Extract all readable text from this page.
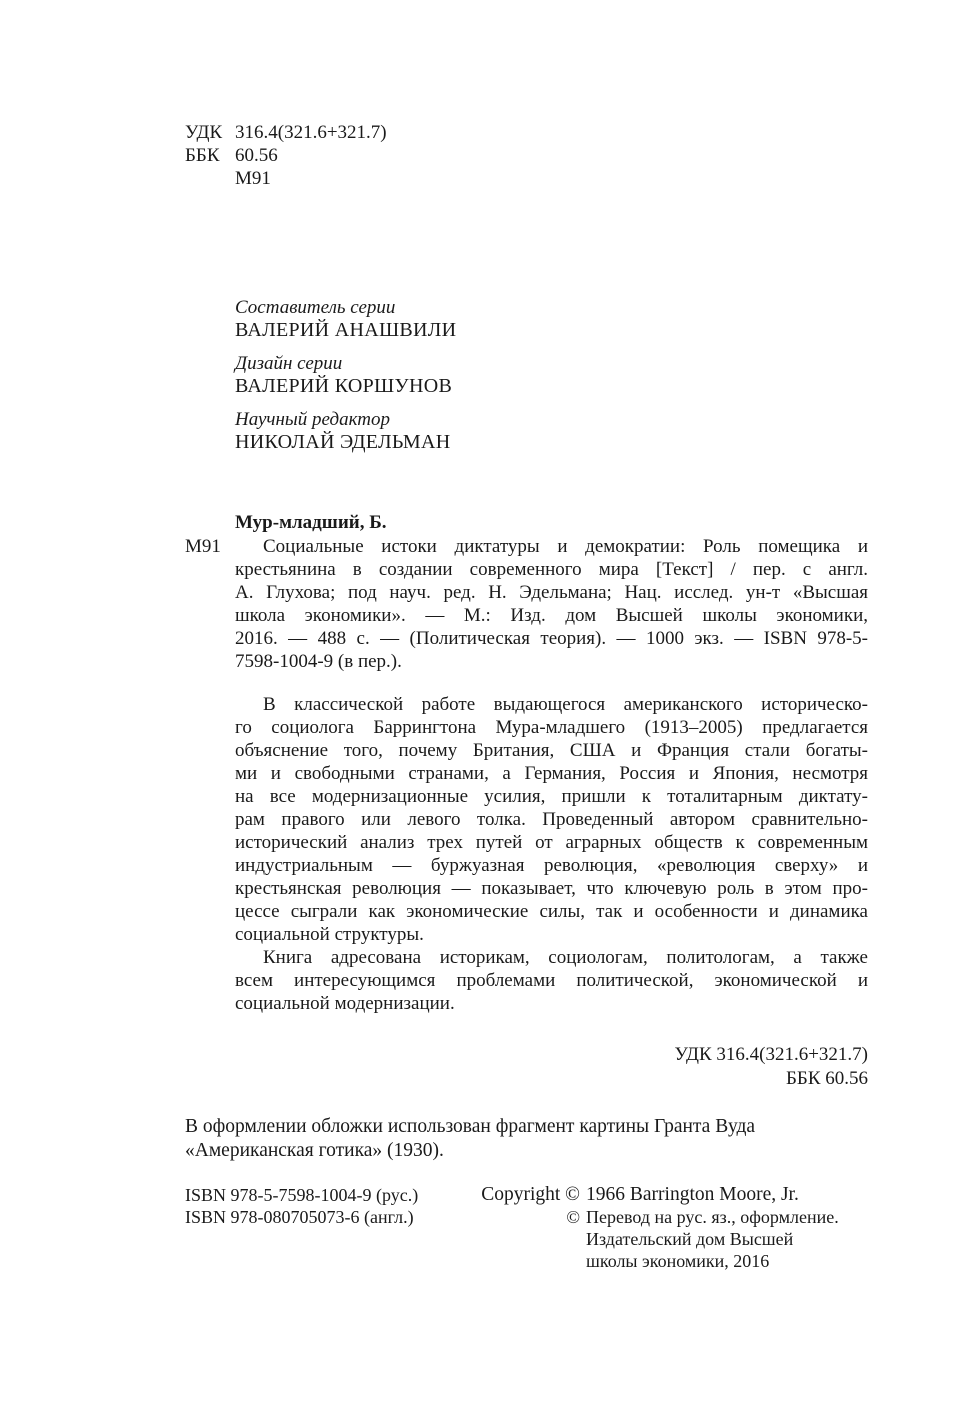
УДК	316.4(321.6+321.7)
ББК	60.56
	М91
Составитель серии
ВАЛЕРИЙ АНАШВИЛИ
Дизайн серии
ВАЛЕРИЙ КОРШУНОВ
Научный редактор
НИКОЛАЙ ЭДЕЛЬМАН
Мур-младший, Б.
М91	Социальные истоки диктатуры и демократии: Роль помещика и
крестьянина в создании современного мира [Текст] / пер. с англ.
А. Глухова; под науч. ред. Н. Эдельмана; Нац. исслед. ун-т «Высшая
школа экономики». — М.: Изд. дом Высшей школы экономики,
2016. — 488 с. — (Политическая теория). — 1000 экз. — ISBN 978-5-
7598-1004-9 (в пер.).
В классической работе выдающегося американского историческо-
го социолога Баррингтона Мура-младшего (1913–2005) предлагается
объяснение того, почему Британия, США и Франция стали богаты-
ми и свободными странами, а Германия, Россия и Япония, несмотря
на все модернизационные усилия, пришли к тоталитарным диктату-
рам правого или левого толка. Проведенный автором сравнительно-
исторический анализ трех путей от аграрных обществ к современным
индустриальным — буржуазная революция, «революция сверху» и
крестьянская революция — показывает, что ключевую роль в этом про-
цессе сыграли как экономические силы, так и особенности и динамика
социальной структуры.
Книга адресована историкам, социологам, политологам, а также
всем интересующимся проблемами политической, экономической и
социальной модернизации.
УДК 316.4(321.6+321.7)
ББК 60.56
В оформлении обложки использован фрагмент картины Гранта Вуда
«Американская готика» (1930).
ISBN 978-5-7598-1004-9 (рус.)
ISBN 978-080705073-6 (англ.)
Copyright ©	1966 Barrington Moore, Jr.
©	Перевод на рус. яз., оформление.
	Издательский дом Высшей
	школы экономики, 2016
